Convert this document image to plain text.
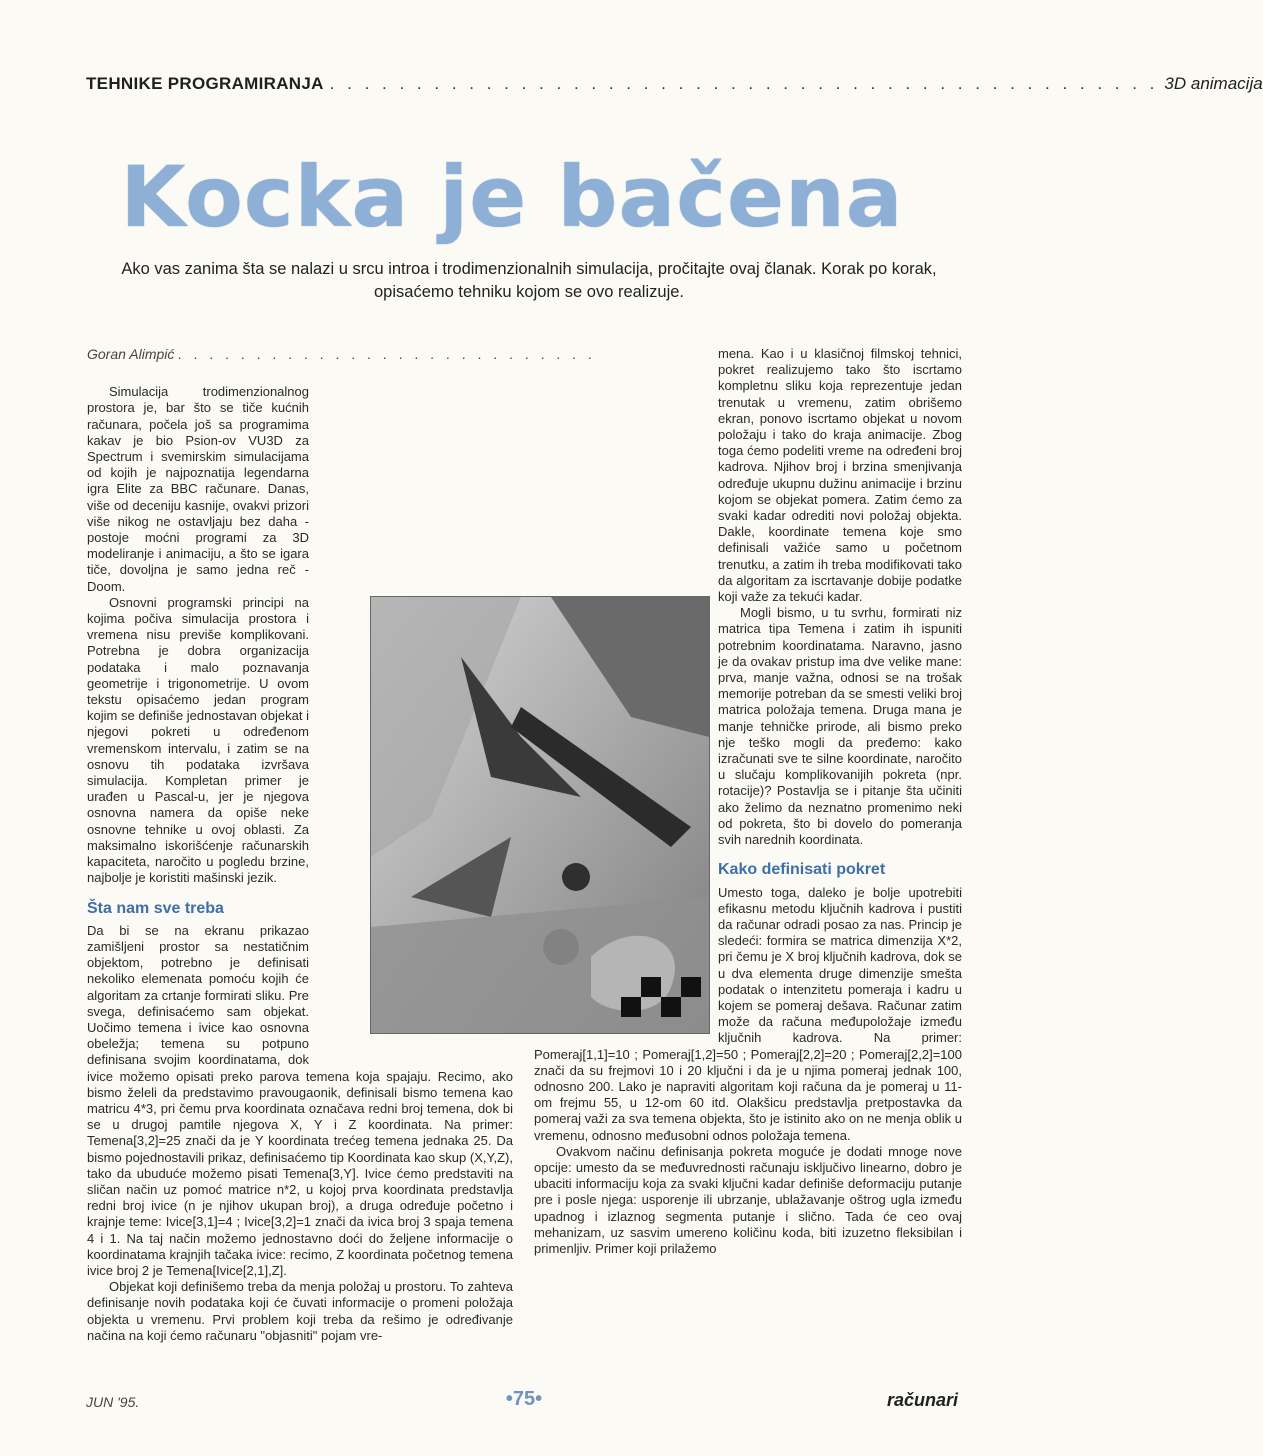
TEHNIKE PROGRAMIRANJA . . . . . . . . . . . . . . . . . . . . . . . . . . . . . . . . . . . . . . . . . . . . . . . . 3D animacija
Kocka je bačena
Ako vas zanima šta se nalazi u srcu introa i trodimenzionalnih simulacija, pročitajte ovaj članak. Korak po korak, opisaćemo tehniku kojom se ovo realizuje.
Goran Alimpić . . . . . . . . . . . . . . . . . . . . . . . . . . .

Simulacija trodimenzionalnog prostora je, bar što se tiče kućnih računara, počela još sa programima kakav je bio Psion-ov VU3D za Spectrum i svemirskim simulacijama od kojih je najpoznatija legendarna igra Elite za BBC računare. Danas, više od deceniju kasnije, ovakvi prizori više nikog ne ostavljaju bez daha - postoje moćni programi za 3D modeliranje i animaciju, a što se igara tiče, dovoljna je samo jedna reč - Doom.

Osnovni programski principi na kojima počiva simulacija prostora i vremena nisu previše komplikovani. Potrebna je dobra organizacija podataka i malo poznavanja geometrije i trigonometrije. U ovom tekstu opisaćemo jedan program kojim se definiše jednostavan objekat i njegovi pokreti u određenom vremenskom intervalu, i zatim se na osnovu tih podataka izvršava simulacija. Kompletan primer je urađen u Pascal-u, jer je njegova osnovna namera da opiše neke osnovne tehnike u ovoj oblasti. Za maksimalno iskorišćenje računarskih kapaciteta, naročito u pogledu brzine, najbolje je koristiti mašinski jezik.

Šta nam sve treba

Da bi se na ekranu prikazao zamišljeni prostor sa nestatičnim objektom, potrebno je definisati nekoliko elemenata pomoću kojih će algoritam za crtanje formirati sliku. Pre svega, definisaćemo sam objekat. Uočimo temena i ivice kao osnovna obeležja; temena su potpuno definisana svojim koordinatama, dok ivice možemo opisati preko parova temena koja spajaju. Recimo, ako bismo želeli da predstavimo pravougaonik, definisali bismo temena kao matricu 4*3, pri čemu prva koordinata označava redni broj temena, dok bi se u drugoj pamtile njegova X, Y i Z koordinata. Na primer: Temena[3,2]=25 znači da je Y koordinata trećeg temena jednaka 25. Da bismo pojednostavili prikaz, definisaćemo tip Koordinata kao skup (X,Y,Z), tako da ubuduće možemo pisati Temena[3,Y]. Ivice ćemo predstaviti na sličan način uz pomoć matrice n*2, u kojoj prva koordinata predstavlja redni broj ivice (n je njihov ukupan broj), a druga određuje početno i krajnje teme: Ivice[3,1]=4 ; Ivice[3,2]=1 znači da ivica broj 3 spaja temena 4 i 1. Na taj način možemo jednostavno doći do željene informacije o koordinatama krajnjih tačaka ivice: recimo, Z koordinata početnog temena ivice broj 2 je Temena[Ivice[2,1],Z].

Objekat koji definišemo treba da menja položaj u prostoru. To zahteva definisanje novih podataka koji će čuvati informacije o promeni položaja objekta u vremenu. Prvi problem koji treba da rešimo je određivanje načina na koji ćemo računaru "objasniti" pojam vre-

mena. Kao i u klasičnoj filmskoj tehnici, pokret realizujemo tako što iscrtamo kompletnu sliku koja reprezentuje jedan trenutak u vremenu, zatim obrišemo ekran, ponovo iscrtamo objekat u novom položaju i tako do kraja animacije. Zbog toga ćemo podeliti vreme na određeni broj kadrova. Njihov broj i brzina smenjivanja određuje ukupnu dužinu animacije i brzinu kojom se objekat pomera. Zatim ćemo za svaki kadar odrediti novi položaj objekta. Dakle, koordinate temena koje smo definisali važiće samo u početnom trenutku, a zatim ih treba modifikovati tako da algoritam za iscrtavanje dobije podatke koji važe za tekući kadar.

Mogli bismo, u tu svrhu, formirati niz matrica tipa Temena i zatim ih ispuniti potrebnim koordinatama. Naravno, jasno je da ovakav pristup ima dve velike mane: prva, manje važna, odnosi se na trošak memorije potreban da se smesti veliki broj matrica položaja temena. Druga mana je manje tehničke prirode, ali bismo preko nje teško mogli da pređemo: kako izračunati sve te silne koordinate, naročito u slučaju komplikovanijih pokreta (npr. rotacije)? Postavlja se i pitanje šta učiniti ako želimo da neznatno promenimo neki od pokreta, što bi dovelo do pomeranja svih narednih koordinata.

Kako definisati pokret

Umesto toga, daleko je bolje upotrebiti efikasnu metodu ključnih kadrova i pustiti da računar odradi posao za nas. Princip je sledeći: formira se matrica dimenzija X*2, pri čemu je X broj ključnih kadrova, dok se u dva elementa druge dimenzije smešta podatak o intenzitetu pomeraja i kadru u kojem se pomeraj dešava. Računar zatim može da računa međupoložaje između ključnih kadrova. Na primer: Pomeraj[1,1]=10 ; Pomeraj[1,2]=50 ; Pomeraj[2,2]=20 ; Pomeraj[2,2]=100 znači da su frejmovi 10 i 20 ključni i da je u njima pomeraj jednak 100, odnosno 200. Lako je napraviti algoritam koji računa da je pomeraj u 11-om frejmu 55, u 12-om 60 itd. Olakšicu predstavlja pretpostavka da pomeraj važi za sva temena objekta, što je istinito ako on ne menja oblik u vremenu, odnosno međusobni odnos položaja temena.

Ovakvom načinu definisanja pokreta moguće je dodati mnoge nove opcije: umesto da se međuvrednosti računaju isključivo linearno, dobro je ubaciti informaciju koja za svaki ključni kadar definiše deformaciju putanje pre i posle njega: usporenje ili ubrzanje, ublažavanje oštrog ugla između upadnog i izlaznog segmenta putanje i slično. Tada će ceo ovaj mehanizam, uz sasvim umereno količinu koda, biti izuzetno fleksibilan i primenljiv. Primer koji prilažemo

JUN '95.	•75•	računari
